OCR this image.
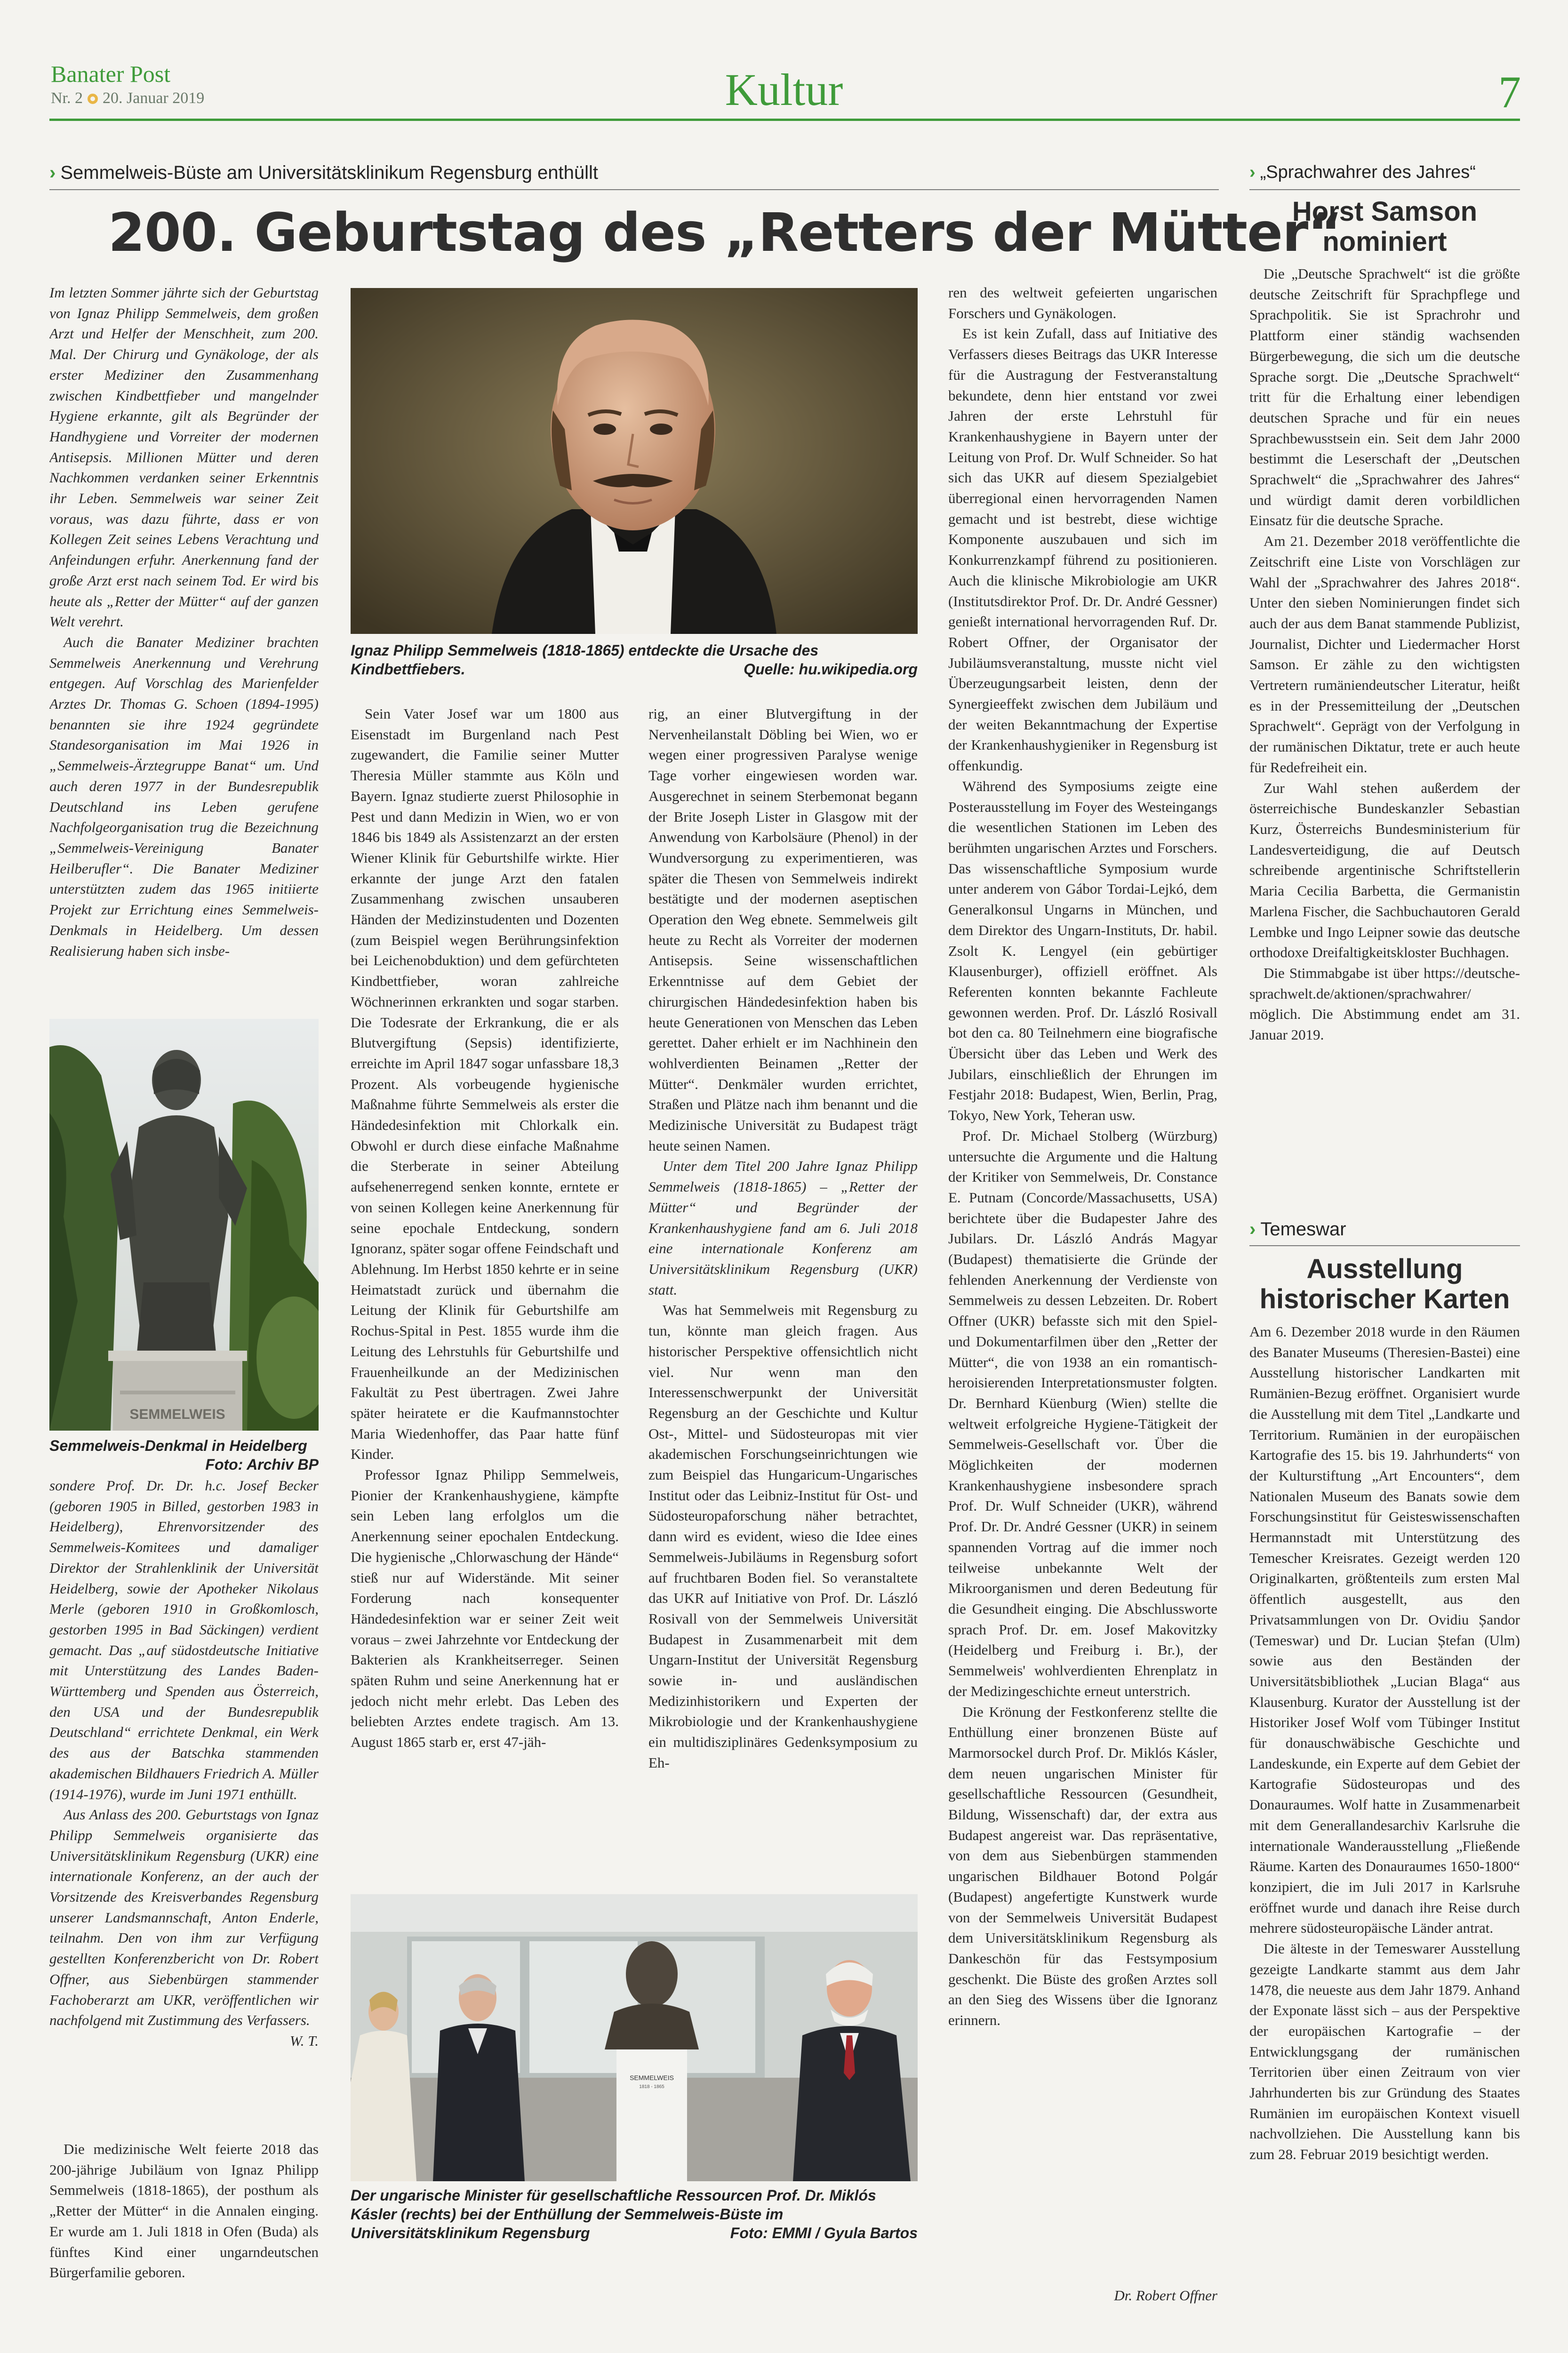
Banater Post
Nr. 2 20. Januar 2019	Kultur	7
› Semmelweis-Büste am Universitätsklinikum Regensburg enthüllt	› „Sprachwahrer des Jahres“
200. Geburtstag des „Retters der Mütter“

Im letzten Sommer jährte sich der Geburtstag von Ignaz Philipp Semmelweis, dem großen Arzt und Helfer der Menschheit, zum 200. Mal. Der Chirurg und Gynäkologe, der als erster Mediziner den Zusammenhang zwischen Kindbettfieber und mangelnder Hygiene erkannte, gilt als Begründer der Handhygiene und Vorreiter der modernen Antisepsis. Millionen Mütter und deren Nachkommen verdanken seiner Erkenntnis ihr Leben. Semmelweis war seiner Zeit voraus, was dazu führte, dass er von Kollegen Zeit seines Lebens Verachtung und Anfeindungen erfuhr. Anerkennung fand der große Arzt erst nach seinem Tod. Er wird bis heute als „Retter der Mütter“ auf der ganzen Welt verehrt.

Auch die Banater Mediziner brachten Semmelweis Anerkennung und Verehrung entgegen. Auf Vorschlag des Marienfelder Arztes Dr. Thomas G. Schoen (1894-1995) benannten sie ihre 1924 gegründete Standesorganisation im Mai 1926 in „Semmelweis-Ärztegruppe Banat“ um. Und auch deren 1977 in der Bundesrepublik Deutschland ins Leben gerufene Nachfolgeorganisation trug die Bezeichnung „Semmelweis-Vereinigung Banater Heilberufler“. Die Banater Mediziner unterstützten zudem das 1965 initiierte Projekt zur Errichtung eines Semmelweis-Denkmals in Heidelberg. Um dessen Realisierung haben sich insbe-

SEMMELWEIS
Semmelweis-Denkmal in Heidelberg
Foto: Archiv BP

sondere Prof. Dr. Dr. h.c. Josef Becker (geboren 1905 in Billed, gestorben 1983 in Heidelberg), Ehrenvorsitzender des Semmelweis-Komitees und damaliger Direktor der Strahlenklinik der Universität Heidelberg, sowie der Apotheker Nikolaus Merle (geboren 1910 in Großkomlosch, gestorben 1995 in Bad Säckingen) verdient gemacht. Das „auf südostdeutsche Initiative mit Unterstützung des Landes Baden-Württemberg und Spenden aus Österreich, den USA und der Bundesrepublik Deutschland“ errichtete Denkmal, ein Werk des aus der Batschka stammenden akademischen Bildhauers Friedrich A. Müller (1914-1976), wurde im Juni 1971 enthüllt.

Aus Anlass des 200. Geburtstags von Ignaz Philipp Semmelweis organisierte das Universitätsklinikum Regensburg (UKR) eine internationale Konferenz, an der auch der Vorsitzende des Kreisverbandes Regensburg unserer Landsmannschaft, Anton Enderle, teilnahm. Den von ihm zur Verfügung gestellten Konferenzbericht von Dr. Robert Offner, aus Siebenbürgen stammender Fachoberarzt am UKR, veröffentlichen wir nachfolgend mit Zustimmung des Verfassers.

W. T.

Die medizinische Welt feierte 2018 das 200-jährige Jubiläum von Ignaz Philipp Semmelweis (1818-1865), der posthum als „Retter der Mütter“ in die Annalen einging. Er wurde am 1. Juli 1818 in Ofen (Buda) als fünftes Kind einer ungarndeutschen Bürgerfamilie geboren.

Ignaz Philipp Semmelweis (1818-1865) entdeckte die Ursache des Kindbettfiebers.	Quelle: hu.wikipedia.org

Sein Vater Josef war um 1800 aus Eisenstadt im Burgenland nach Pest zugewandert, die Familie seiner Mutter Theresia Müller stammte aus Köln und Bayern. Ignaz studierte zuerst Philosophie in Pest und dann Medizin in Wien, wo er von 1846 bis 1849 als Assistenzarzt an der ersten Wiener Klinik für Geburtshilfe wirkte. Hier erkannte der junge Arzt den fatalen Zusammenhang zwischen unsauberen Händen der Medizinstudenten und Dozenten (zum Beispiel wegen Berührungsinfektion bei Leichenobduktion) und dem gefürchteten Kindbettfieber, woran zahlreiche Wöchnerinnen erkrankten und sogar starben. Die Todesrate der Erkrankung, die er als Blutvergiftung (Sepsis) identifizierte, erreichte im April 1847 sogar unfassbare 18,3 Prozent. Als vorbeugende hygienische Maßnahme führte Semmelweis als erster die Händedesinfektion mit Chlorkalk ein. Obwohl er durch diese einfache Maßnahme die Sterberate in seiner Abteilung aufsehenerregend senken konnte, erntete er von seinen Kollegen keine Anerkennung für seine epochale Entdeckung, sondern Ignoranz, später sogar offene Feindschaft und Ablehnung. Im Herbst 1850 kehrte er in seine Heimatstadt zurück und übernahm die Leitung der Klinik für Geburtshilfe am Rochus-Spital in Pest. 1855 wurde ihm die Leitung des Lehrstuhls für Geburtshilfe und Frauenheilkunde an der Medizinischen Fakultät zu Pest übertragen. Zwei Jahre später heiratete er die Kaufmannstochter Maria Wiedenhoffer, das Paar hatte fünf Kinder.

Professor Ignaz Philipp Semmelweis, Pionier der Krankenhaushygiene, kämpfte sein Leben lang erfolglos um die Anerkennung seiner epochalen Entdeckung. Die hygienische „Chlorwaschung der Hände“ stieß nur auf Widerstände. Mit seiner Forderung nach konsequenter Händedesinfektion war er seiner Zeit weit voraus – zwei Jahrzehnte vor Entdeckung der Bakterien als Krankheitserreger. Seinen späten Ruhm und seine Anerkennung hat er jedoch nicht mehr erlebt. Das Leben des beliebten Arztes endete tragisch. Am 13. August 1865 starb er, erst 47-jäh-

rig, an einer Blutvergiftung in der Nervenheilanstalt Döbling bei Wien, wo er wegen einer progressiven Paralyse wenige Tage vorher eingewiesen worden war. Ausgerechnet in seinem Sterbemonat begann der Brite Joseph Lister in Glasgow mit der Anwendung von Karbolsäure (Phenol) in der Wundversorgung zu experimentieren, was später die Thesen von Semmelweis indirekt bestätigte und der modernen aseptischen Operation den Weg ebnete. Semmelweis gilt heute zu Recht als Vorreiter der modernen Antisepsis. Seine wissenschaftlichen Erkenntnisse auf dem Gebiet der chirurgischen Händedesinfektion haben bis heute Generationen von Menschen das Leben gerettet. Daher erhielt er im Nachhinein den wohlverdienten Beinamen „Retter der Mütter“. Denkmäler wurden errichtet, Straßen und Plätze nach ihm benannt und die Medizinische Universität zu Budapest trägt heute seinen Namen.

Unter dem Titel 200 Jahre Ignaz Philipp Semmelweis (1818-1865) – „Retter der Mütter“ und Begründer der Krankenhaushygiene fand am 6. Juli 2018 eine internationale Konferenz am Universitätsklinikum Regensburg (UKR) statt.

Was hat Semmelweis mit Regensburg zu tun, könnte man gleich fragen. Aus historischer Perspektive offensichtlich nicht viel. Nur wenn man den Interessenschwerpunkt der Universität Regensburg an der Geschichte und Kultur Ost-, Mittel- und Südosteuropas mit vier akademischen Forschungseinrichtungen wie zum Beispiel das Hungaricum-Ungarisches Institut oder das Leibniz-Institut für Ost- und Südosteuropaforschung näher betrachtet, dann wird es evident, wieso die Idee eines Semmelweis-Jubiläums in Regensburg sofort auf fruchtbaren Boden fiel. So veranstaltete das UKR auf Initiative von Prof. Dr. László Rosivall von der Semmelweis Universität Budapest in Zusammenarbeit mit dem Ungarn-Institut der Universität Regensburg sowie in- und ausländischen Medizinhistorikern und Experten der Mikrobiologie und der Krankenhaushygiene ein multidisziplinäres Gedenksymposium zu Eh-

SEMMELWEIS
1818 - 1865
Der ungarische Minister für gesellschaftliche Ressourcen Prof. Dr. Miklós Kásler (rechts) bei der Enthüllung der Semmelweis-Büste im Universitätsklinikum Regensburg	Foto: EMMI / Gyula Bartos

ren des weltweit gefeierten ungarischen Forschers und Gynäkologen.

Es ist kein Zufall, dass auf Initiative des Verfassers dieses Beitrags das UKR Interesse für die Austragung der Festveranstaltung bekundete, denn hier entstand vor zwei Jahren der erste Lehrstuhl für Krankenhaushygiene in Bayern unter der Leitung von Prof. Dr. Wulf Schneider. So hat sich das UKR auf diesem Spezialgebiet überregional einen hervorragenden Namen gemacht und ist bestrebt, diese wichtige Komponente auszubauen und sich im Konkurrenzkampf führend zu positionieren. Auch die klinische Mikrobiologie am UKR (Institutsdirektor Prof. Dr. Dr. André Gessner) genießt international hervorragenden Ruf. Dr. Robert Offner, der Organisator der Jubiläumsveranstaltung, musste nicht viel Überzeugungsarbeit leisten, denn der Synergieeffekt zwischen dem Jubiläum und der weiten Bekanntmachung der Expertise der Krankenhaushygieniker in Regensburg ist offenkundig.

Während des Symposiums zeigte eine Posterausstellung im Foyer des Westeingangs die wesentlichen Stationen im Leben des berühmten ungarischen Arztes und Forschers. Das wissenschaftliche Symposium wurde unter anderem von Gábor Tordai-Lejkó, dem Generalkonsul Ungarns in München, und dem Direktor des Ungarn-Instituts, Dr. habil. Zsolt K. Lengyel (ein gebürtiger Klausenburger), offiziell eröffnet. Als Referenten konnten bekannte Fachleute gewonnen werden. Prof. Dr. László Rosivall bot den ca. 80 Teilnehmern eine biografische Übersicht über das Leben und Werk des Jubilars, einschließlich der Ehrungen im Festjahr 2018: Budapest, Wien, Berlin, Prag, Tokyo, New York, Teheran usw.

Prof. Dr. Michael Stolberg (Würzburg) untersuchte die Argumente und die Haltung der Kritiker von Semmelweis, Dr. Constance E. Putnam (Concorde/Massachusetts, USA) berichtete über die Budapester Jahre des Jubilars. Dr. László András Magyar (Budapest) thematisierte die Gründe der fehlenden Anerkennung der Verdienste von Semmelweis zu dessen Lebzeiten. Dr. Robert Offner (UKR) befasste sich mit den Spiel- und Dokumentarfilmen über den „Retter der Mütter“, die von 1938 an ein romantisch-heroisierenden Interpretationsmuster folgten. Dr. Bernhard Küenburg (Wien) stellte die weltweit erfolgreiche Hygiene-Tätigkeit der Semmelweis-Gesellschaft vor. Über die Möglichkeiten der modernen Krankenhaushygiene insbesondere sprach Prof. Dr. Wulf Schneider (UKR), während Prof. Dr. Dr. André Gessner (UKR) in seinem spannenden Vortrag auf die immer noch teilweise unbekannte Welt der Mikroorganismen und deren Bedeutung für die Gesundheit einging. Die Abschlussworte sprach Prof. Dr. em. Josef Makovitzky (Heidelberg und Freiburg i. Br.), der Semmelweis' wohlverdienten Ehrenplatz in der Medizingeschichte erneut unterstrich.

Die Krönung der Festkonferenz stellte die Enthüllung einer bronzenen Büste auf Marmorsockel durch Prof. Dr. Miklós Kásler, dem neuen ungarischen Minister für gesellschaftliche Ressourcen (Gesundheit, Bildung, Wissenschaft) dar, der extra aus Budapest angereist war. Das repräsentative, von dem aus Siebenbürgen stammenden ungarischen Bildhauer Botond Polgár (Budapest) angefertigte Kunstwerk wurde von der Semmelweis Universität Budapest dem Universitätsklinikum Regensburg als Dankeschön für das Festsymposium geschenkt. Die Büste des großen Arztes soll an den Sieg des Wissens über die Ignoranz erinnern.

Dr. Robert Offner
Horst Samson nominiert

Die „Deutsche Sprachwelt“ ist die größte deutsche Zeitschrift für Sprachpflege und Sprachpolitik. Sie ist Sprachrohr und Plattform einer ständig wachsenden Bürgerbewegung, die sich um die deutsche Sprache sorgt. Die „Deutsche Sprachwelt“ tritt für die Erhaltung einer lebendigen deutschen Sprache und für ein neues Sprachbewusstsein ein. Seit dem Jahr 2000 bestimmt die Leserschaft der „Deutschen Sprachwelt“ die „Sprachwahrer des Jahres“ und würdigt damit deren vorbildlichen Einsatz für die deutsche Sprache.

Am 21. Dezember 2018 veröffentlichte die Zeitschrift eine Liste von Vorschlägen zur Wahl der „Sprachwahrer des Jahres 2018“. Unter den sieben Nominierungen findet sich auch der aus dem Banat stammende Publizist, Journalist, Dichter und Liedermacher Horst Samson. Er zähle zu den wichtigsten Vertretern rumäniendeutscher Literatur, heißt es in der Pressemitteilung der „Deutschen Sprachwelt“. Geprägt von der Verfolgung in der rumänischen Diktatur, trete er auch heute für Redefreiheit ein.

Zur Wahl stehen außerdem der österreichische Bundeskanzler Sebastian Kurz, Österreichs Bundesministerium für Landesverteidigung, die auf Deutsch schreibende argentinische Schriftstellerin Maria Cecilia Barbetta, die Germanistin Marlena Fischer, die Sachbuchautoren Gerald Lembke und Ingo Leipner sowie das deutsche orthodoxe Dreifaltigkeitskloster Buchhagen.

Die Stimmabgabe ist über https://deutsche-sprachwelt.de/aktionen/sprachwahrer/ möglich. Die Abstimmung endet am 31. Januar 2019.

› Temeswar
Ausstellung historischer Karten

Am 6. Dezember 2018 wurde in den Räumen des Banater Museums (Theresien-Bastei) eine Ausstellung historischer Landkarten mit Rumänien-Bezug eröffnet. Organisiert wurde die Ausstellung mit dem Titel „Landkarte und Territorium. Rumänien in der europäischen Kartografie des 15. bis 19. Jahrhunderts“ von der Kulturstiftung „Art Encounters“, dem Nationalen Museum des Banats sowie dem Forschungsinstitut für Geisteswissenschaften Hermannstadt mit Unterstützung des Temescher Kreisrates. Gezeigt werden 120 Originalkarten, größtenteils zum ersten Mal öffentlich ausgestellt, aus den Privatsammlungen von Dr. Ovidiu Șandor (Temeswar) und Dr. Lucian Ștefan (Ulm) sowie aus den Beständen der Universitätsbibliothek „Lucian Blaga“ aus Klausenburg. Kurator der Ausstellung ist der Historiker Josef Wolf vom Tübinger Institut für donauschwäbische Geschichte und Landeskunde, ein Experte auf dem Gebiet der Kartografie Südosteuropas und des Donauraumes. Wolf hatte in Zusammenarbeit mit dem Generallandesarchiv Karlsruhe die internationale Wanderausstellung „Fließende Räume. Karten des Donauraumes 1650-1800“ konzipiert, die im Juli 2017 in Karlsruhe eröffnet wurde und danach ihre Reise durch mehrere südosteuropäische Länder antrat.

Die älteste in der Temeswarer Ausstellung gezeigte Landkarte stammt aus dem Jahr 1478, die neueste aus dem Jahr 1879. Anhand der Exponate lässt sich – aus der Perspektive der europäischen Kartografie – der Entwicklungsgang der rumänischen Territorien über einen Zeitraum von vier Jahrhunderten bis zur Gründung des Staates Rumänien im europäischen Kontext visuell nachvollziehen. Die Ausstellung kann bis zum 28. Februar 2019 besichtigt werden.
